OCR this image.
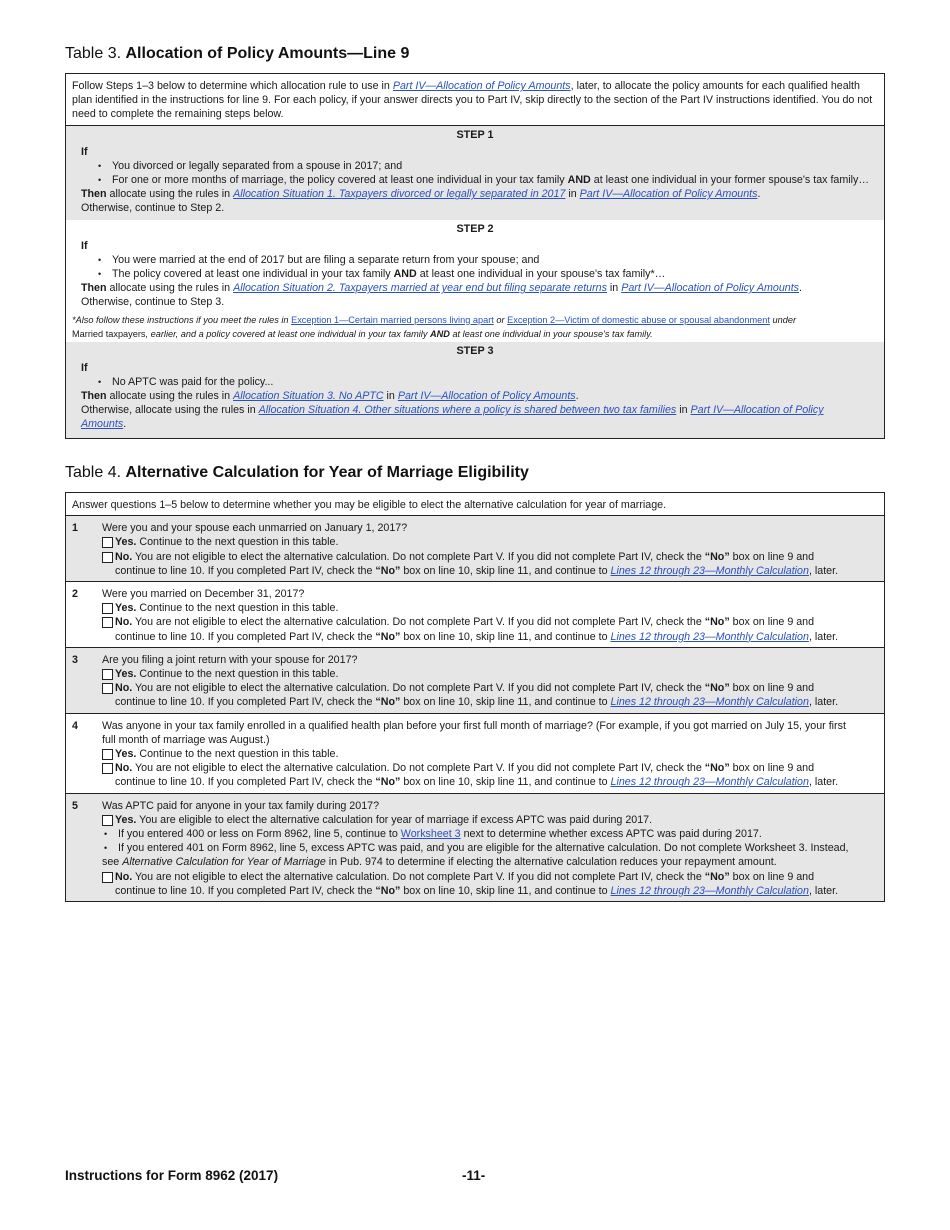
Table 3. Allocation of Policy Amounts—Line 9
Follow Steps 1–3 below to determine which allocation rule to use in Part IV—Allocation of Policy Amounts, later, to allocate the policy amounts for each qualified health plan identified in the instructions for line 9. For each policy, if your answer directs you to Part IV, skip directly to the section of the Part IV instructions identified. You do not need to complete the remaining steps below.
STEP 1
If
• You divorced or legally separated from a spouse in 2017; and
• For one or more months of marriage, the policy covered at least one individual in your tax family AND at least one individual in your former spouse's tax family…
Then allocate using the rules in Allocation Situation 1. Taxpayers divorced or legally separated in 2017 in Part IV—Allocation of Policy Amounts.
Otherwise, continue to Step 2.
STEP 2
If
• You were married at the end of 2017 but are filing a separate return from your spouse; and
• The policy covered at least one individual in your tax family AND at least one individual in your spouse's tax family*…
Then allocate using the rules in Allocation Situation 2. Taxpayers married at year end but filing separate returns in Part IV—Allocation of Policy Amounts.
Otherwise, continue to Step 3.
*Also follow these instructions if you meet the rules in Exception 1—Certain married persons living apart or Exception 2—Victim of domestic abuse or spousal abandonment under
Married taxpayers, earlier, and a policy covered at least one individual in your tax family AND at least one individual in your spouse's tax family.
STEP 3
If
• No APTC was paid for the policy...
Then allocate using the rules in Allocation Situation 3. No APTC in Part IV—Allocation of Policy Amounts.
Otherwise, allocate using the rules in Allocation Situation 4. Other situations where a policy is shared between two tax families in Part IV—Allocation of Policy
Amounts.
Table 4. Alternative Calculation for Year of Marriage Eligibility
Answer questions 1–5 below to determine whether you may be eligible to elect the alternative calculation for year of marriage.
1	Were you and your spouse each unmarried on January 1, 2017?
Yes. Continue to the next question in this table.
No. You are not eligible to elect the alternative calculation. Do not complete Part V. If you did not complete Part IV, check the “No” box on line 9 and continue to line 10. If you completed Part IV, check the “No” box on line 10, skip line 11, and continue to Lines 12 through 23—Monthly Calculation, later.
2	Were you married on December 31, 2017?
Yes. Continue to the next question in this table.
No. You are not eligible to elect the alternative calculation. Do not complete Part V. If you did not complete Part IV, check the “No” box on line 9 and continue to line 10. If you completed Part IV, check the “No” box on line 10, skip line 11, and continue to Lines 12 through 23—Monthly Calculation, later.
3	Are you filing a joint return with your spouse for 2017?
Yes. Continue to the next question in this table.
No. You are not eligible to elect the alternative calculation. Do not complete Part V. If you did not complete Part IV, check the “No” box on line 9 and continue to line 10. If you completed Part IV, check the “No” box on line 10, skip line 11, and continue to Lines 12 through 23—Monthly Calculation, later.
4	Was anyone in your tax family enrolled in a qualified health plan before your first full month of marriage? (For example, if you got married on July 15, your first full month of marriage was August.)
Yes. Continue to the next question in this table.
No. You are not eligible to elect the alternative calculation. Do not complete Part V. If you did not complete Part IV, check the “No” box on line 9 and continue to line 10. If you completed Part IV, check the “No” box on line 10, skip line 11, and continue to Lines 12 through 23—Monthly Calculation, later.
5	Was APTC paid for anyone in your tax family during 2017?
Yes. You are eligible to elect the alternative calculation for year of marriage if excess APTC was paid during 2017.
• If you entered 400 or less on Form 8962, line 5, continue to Worksheet 3 next to determine whether excess APTC was paid during 2017.
• If you entered 401 on Form 8962, line 5, excess APTC was paid, and you are eligible for the alternative calculation. Do not complete Worksheet 3. Instead,
see Alternative Calculation for Year of Marriage in Pub. 974 to determine if electing the alternative calculation reduces your repayment amount.
No. You are not eligible to elect the alternative calculation. Do not complete Part V. If you did not complete Part IV, check the “No” box on line 9 and continue to line 10. If you completed Part IV, check the “No” box on line 10, skip line 11, and continue to Lines 12 through 23—Monthly Calculation, later.
Instructions for Form 8962 (2017)	-11-
